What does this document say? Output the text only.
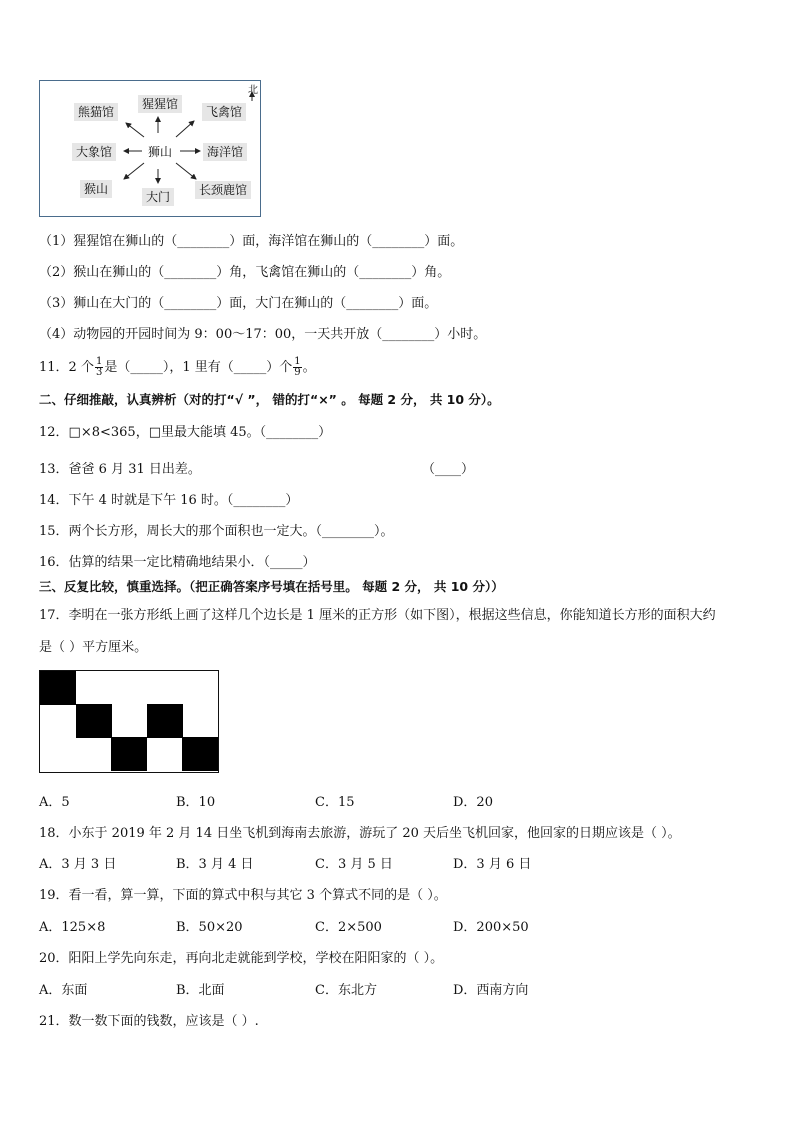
北
熊猫馆
猩猩馆
飞禽馆
大象馆	狮山	海洋馆
猴山
大门	长颈鹿馆
（1）猩猩馆在狮山的（________）面，海洋馆在狮山的（________）面。
（2）猴山在狮山的（________）角，飞禽馆在狮山的（________）角。
（3）狮山在大门的（________）面，大门在狮山的（________）面。
（4）动物园的开园时间为 9：00～17：00，一天共开放（________）小时。
11．2 个 $\frac{1}{3}$ 是（_____），1 里有（_____）个 $\frac{1}{9}$ 。
二、仔细推敲，认真辨析（对的打“√ ”， 错的打“×” 。 每题 2 分， 共 10 分）。
12．□×8<365，□里最大能填 45。（________）
13．爸爸 6 月 31 日出差。	（____）
14．下午 4 时就是下午 16 时。（________）
15．两个长方形，周长大的那个面积也一定大。（________）。
16．估算的结果一定比精确地结果小．（_____）
三、反复比较，慎重选择。（把正确答案序号填在括号里。 每题 2 分， 共 10 分））
17．李明在一张方形纸上画了这样几个边长是 1 厘米的正方形（如下图），根据这些信息，你能知道长方形的面积大约
是（ ）平方厘米。
A．5	B．10	C．15	D．20
18．小东于 2019 年 2 月 14 日坐飞机到海南去旅游，游玩了 20 天后坐飞机回家，他回家的日期应该是（ ）。
A．3 月 3 日	B．3 月 4 日	C．3 月 5 日	D．3 月 6 日
19．看一看，算一算，下面的算式中积与其它 3 个算式不同的是（ ）。
A．125×8	B．50×20	C．2×500	D．200×50
20．阳阳上学先向东走，再向北走就能到学校，学校在阳阳家的（ ）。
A．东面	B．北面	C．东北方	D．西南方向
21．数一数下面的钱数，应该是（ ）.
